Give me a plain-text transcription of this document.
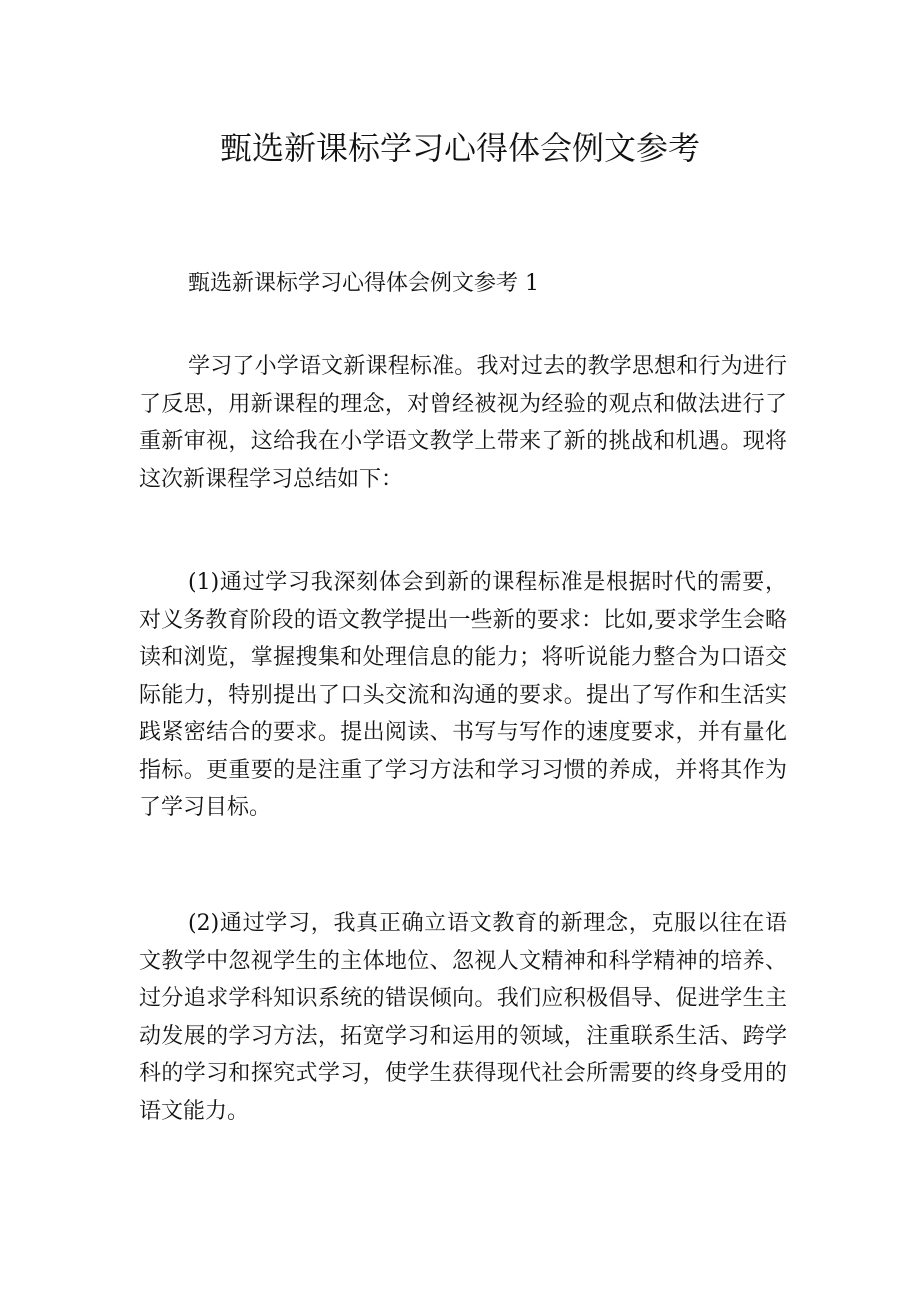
甄选新课标学习心得体会例文参考

甄选新课标学习心得体会例文参考 1

学习了小学语文新课程标准。我对过去的教学思想和行为进行了反思，用新课程的理念，对曾经被视为经验的观点和做法进行了重新审视，这给我在小学语文教学上带来了新的挑战和机遇。现将这次新课程学习总结如下：

(1)通过学习我深刻体会到新的课程标准是根据时代的需要，对义务教育阶段的语文教学提出一些新的要求：比如,要求学生会略读和浏览，掌握搜集和处理信息的能力；将听说能力整合为口语交际能力，特别提出了口头交流和沟通的要求。提出了写作和生活实践紧密结合的要求。提出阅读、书写与写作的速度要求，并有量化指标。更重要的是注重了学习方法和学习习惯的养成，并将其作为了学习目标。

(2)通过学习，我真正确立语文教育的新理念，克服以往在语文教学中忽视学生的主体地位、忽视人文精神和科学精神的培养、过分追求学科知识系统的错误倾向。我们应积极倡导、促进学生主动发展的学习方法，拓宽学习和运用的领域，注重联系生活、跨学科的学习和探究式学习，使学生获得现代社会所需要的终身受用的语文能力。
